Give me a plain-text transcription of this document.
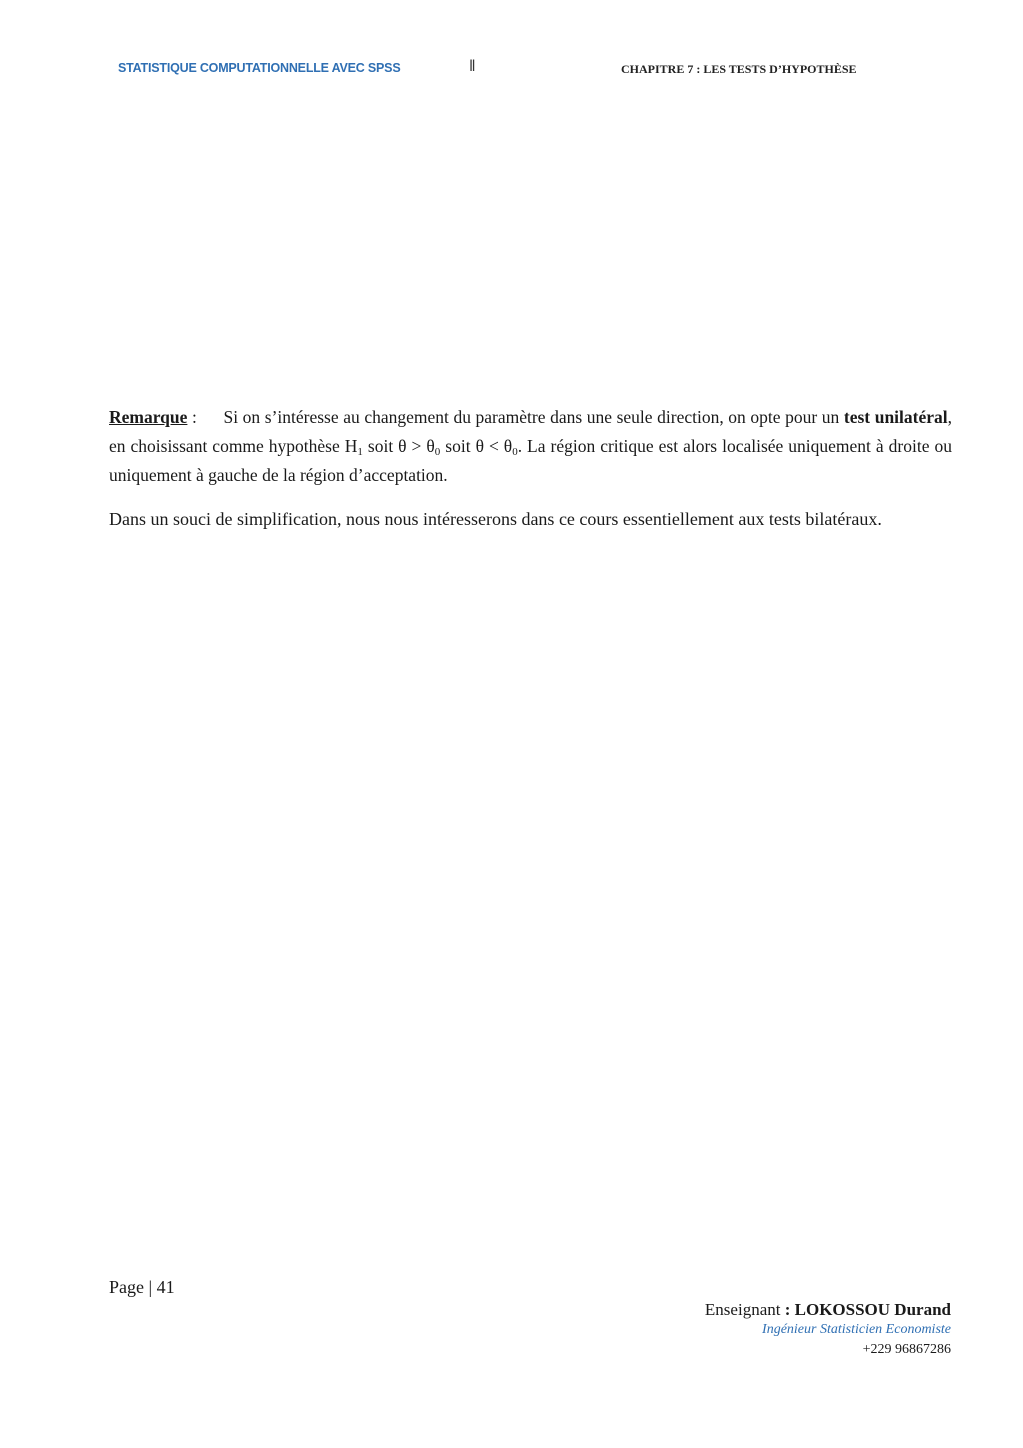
STATISTIQUE COMPUTATIONNELLE AVEC SPSS	‖	CHAPITRE 7 : LES TESTS D’HYPOTHÈSE
Remarque : Si on s’intéresse au changement du paramètre dans une seule direction, on opte pour un test unilatéral, en choisissant comme hypothèse $H_1$ soit $\theta > \theta_0$ soit $\theta < \theta_0$. La région critique est alors localisée uniquement à droite ou uniquement à gauche de la région d’acceptation.
Dans un souci de simplification, nous nous intéresserons dans ce cours essentiellement aux tests bilatéraux.
Page | 41
Enseignant : LOKOSSOU Durand
Ingénieur Statisticien Economiste
+229 96867286
